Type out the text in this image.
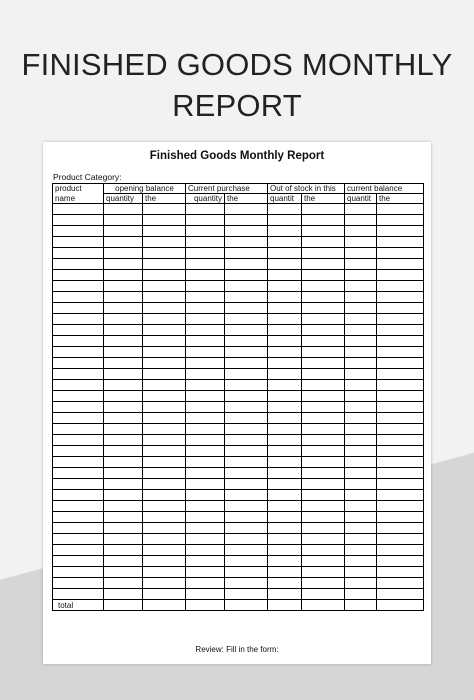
FINISHED GOODS MONTHLY
REPORT
Finished Goods Monthly Report
Product Category:
product	opening balance		Current purchase		Out of stock in this		current balance	
name	quantity	the	quantity	the	quantit	the	quantit	the

total								
Review: Fill in the form:
